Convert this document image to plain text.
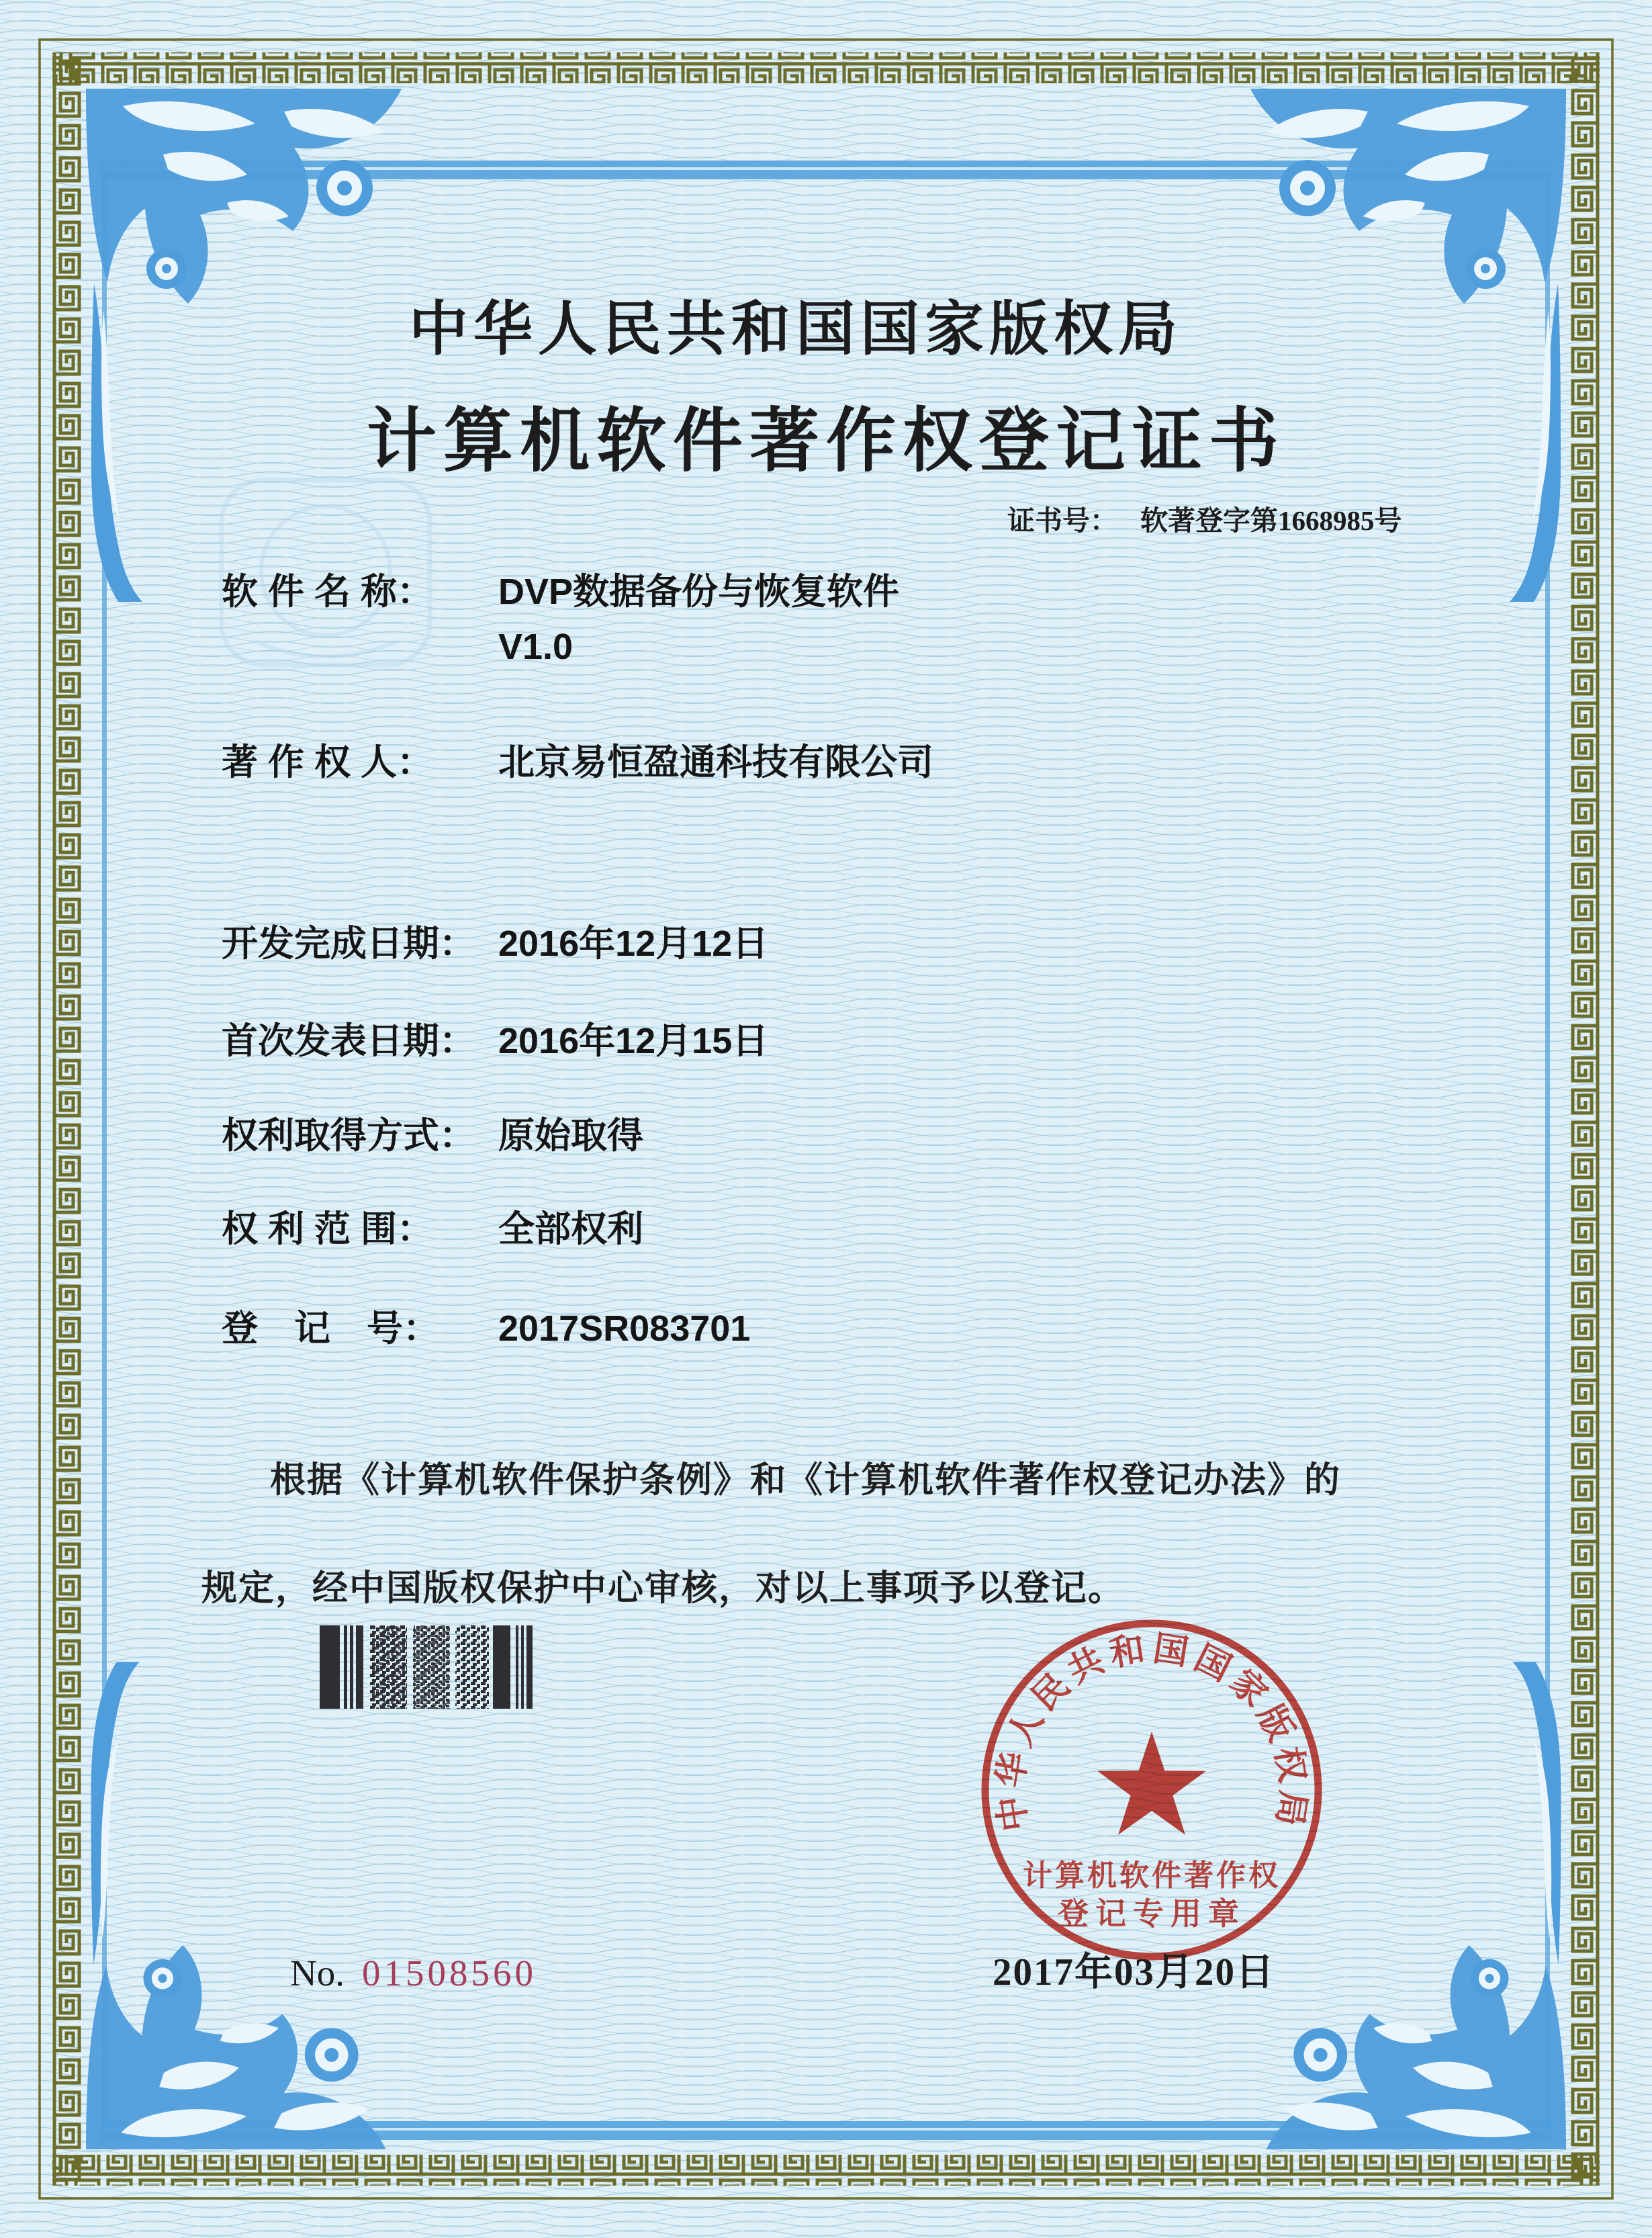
中华人民共和国国家版权局
计算机软件著作权登记证书
证书号： 软著登字第1668985号
软 件 名 称：	DVP数据备份与恢复软件
V1.0
著 作 权 人：	北京易恒盈通科技有限公司
开发完成日期： 2016年12月12日
首次发表日期： 2016年12月15日
权利取得方式： 原始取得
权 利 范 围：	全部权利
登　记　号：	2017SR083701
根据《计算机软件保护条例》和《计算机软件著作权登记办法》的
规定，经中国版权保护中心审核，对以上事项予以登记。
中华人民共和国国家版权局
计算机软件著作权
登记专用章
2017年03月20日
No. 01508560
